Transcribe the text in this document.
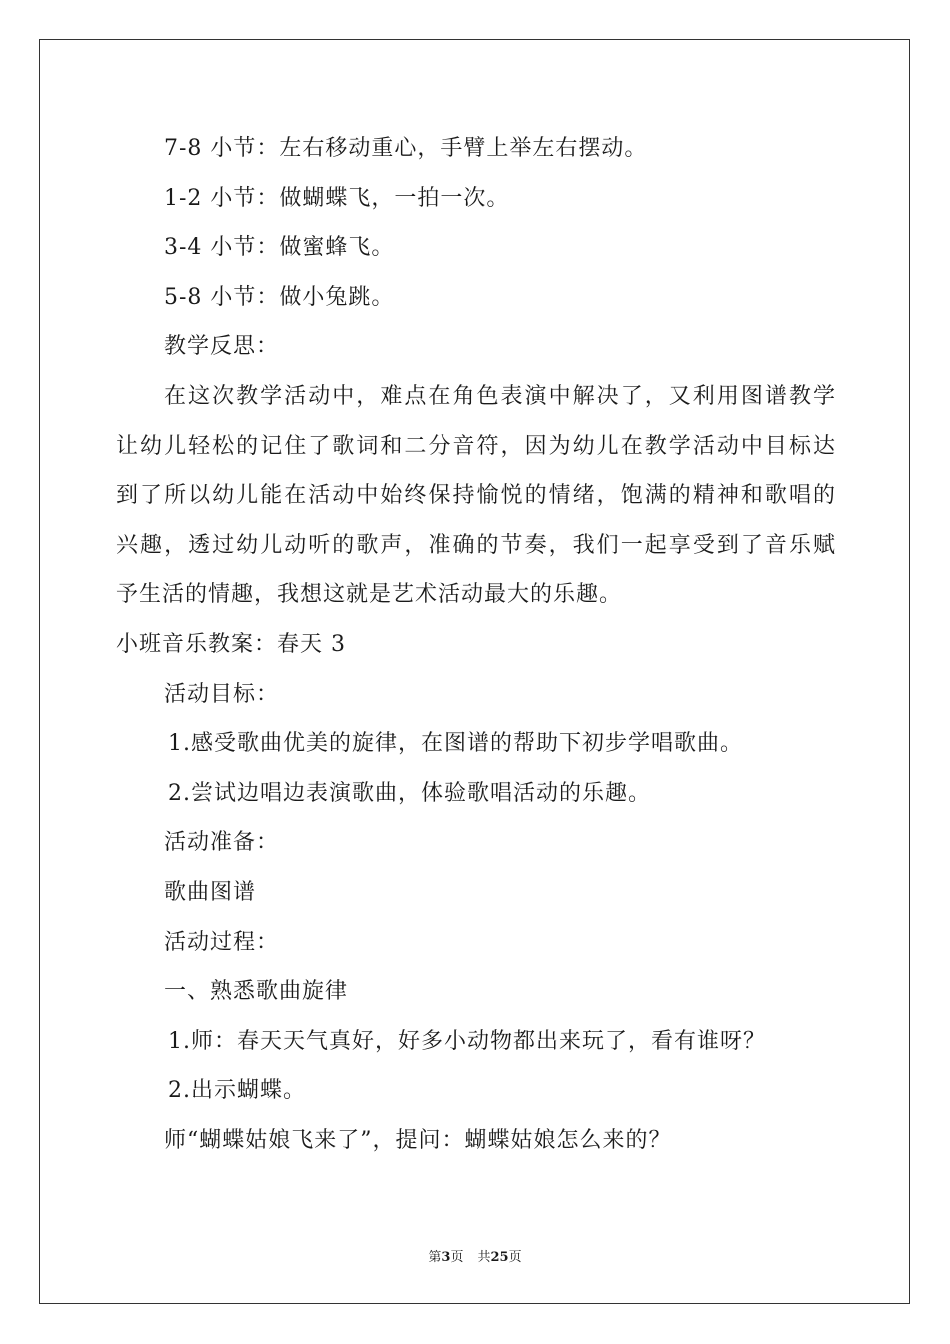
7-8 小节：左右移动重心，手臂上举左右摆动。
1-2 小节：做蝴蝶飞，一拍一次。
3-4 小节：做蜜蜂飞。
5-8 小节：做小兔跳。
教学反思：
在这次教学活动中，难点在角色表演中解决了，又利用图谱教学
让幼儿轻松的记住了歌词和二分音符，因为幼儿在教学活动中目标达
到了所以幼儿能在活动中始终保持愉悦的情绪，饱满的精神和歌唱的
兴趣，透过幼儿动听的歌声，准确的节奏，我们一起享受到了音乐赋
予生活的情趣，我想这就是艺术活动最大的乐趣。
小班音乐教案：春天 3
活动目标：
1.感受歌曲优美的旋律，在图谱的帮助下初步学唱歌曲。
2.尝试边唱边表演歌曲，体验歌唱活动的乐趣。
活动准备：
歌曲图谱
活动过程：
一、熟悉歌曲旋律
1.师：春天天气真好，好多小动物都出来玩了，看有谁呀？
2.出示蝴蝶。
师“蝴蝶姑娘飞来了”，提问：蝴蝶姑娘怎么来的？
第3页 共25页
